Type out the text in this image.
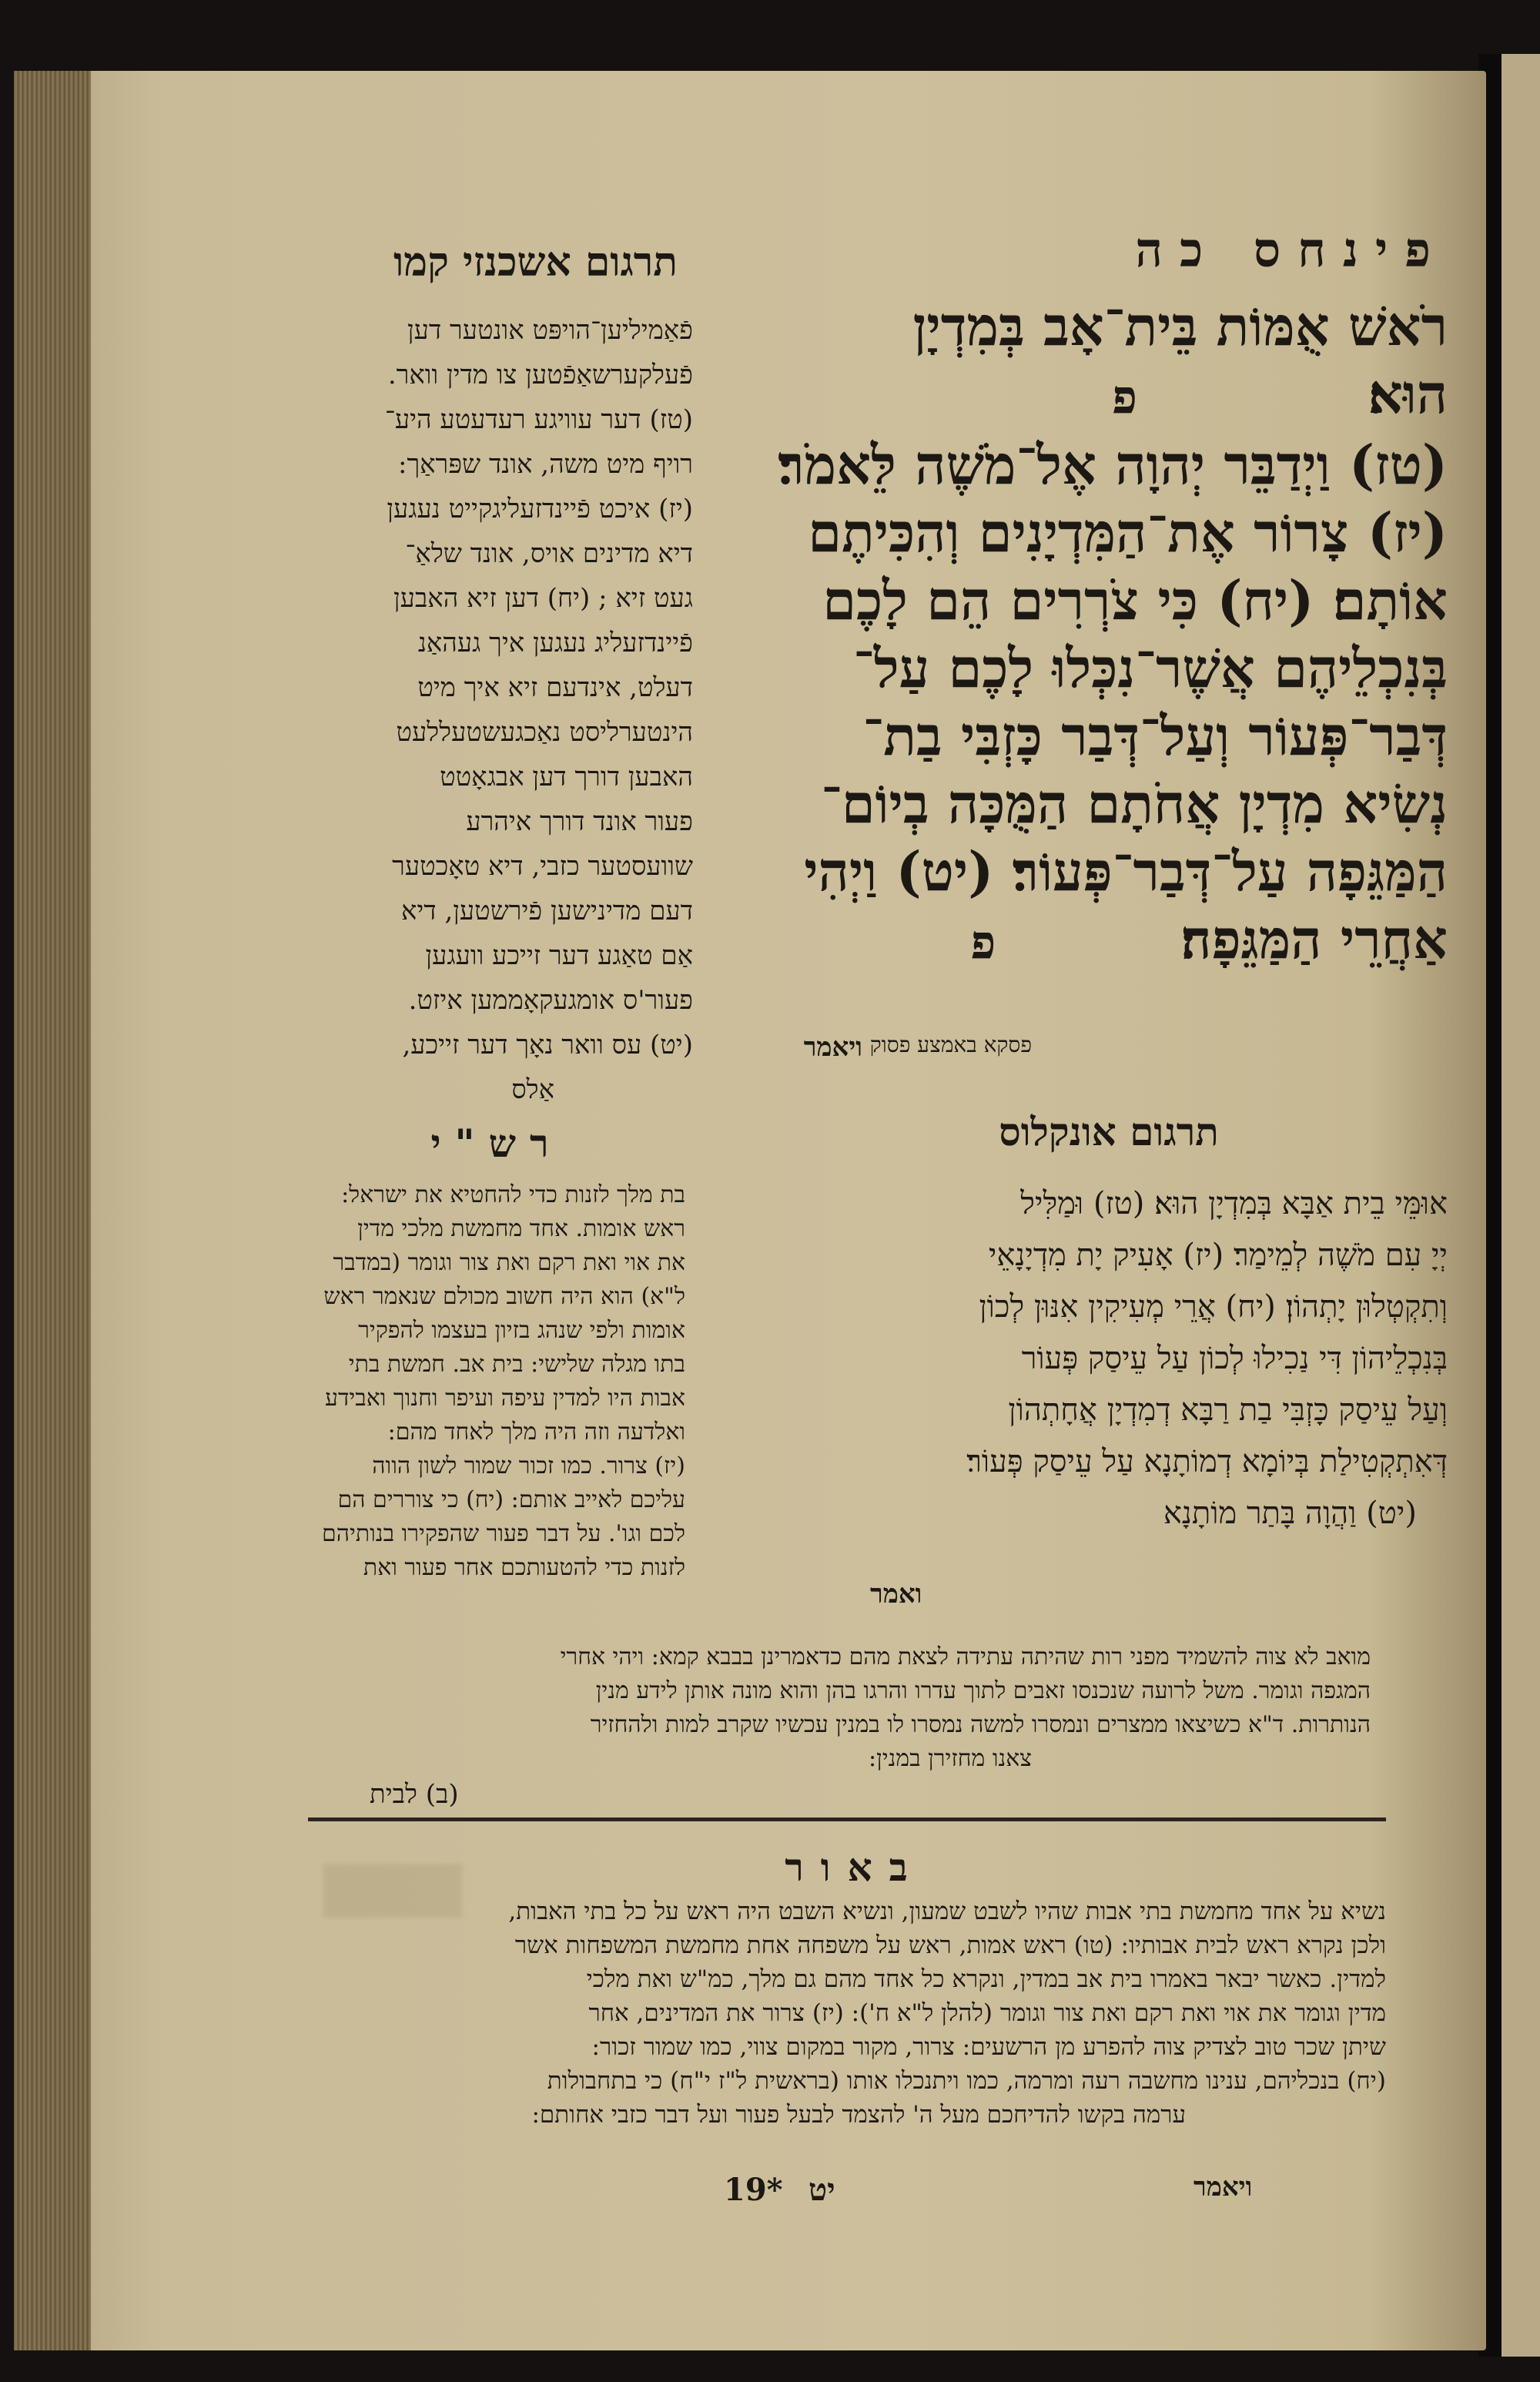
פינחס כה
תרגום אשכנזי קמו
רֹאשׁ אֻמּוֹת בֵּית־אָב בְּמִדְיָן
הוּא׃פ
(טז) וַיְדַבֵּר יְהוָה אֶל־מֹשֶׁה לֵּאמֹר׃
(יז) צָרוֹר אֶת־הַמִּדְיָנִים וְהִכִּיתֶם
אוֹתָם׃ (יח) כִּי צֹרְרִים הֵם לָכֶם
בְּנִכְלֵיהֶם אֲשֶׁר־נִכְּלוּ לָכֶם עַל־
דְּבַר־פְּעוֹר וְעַל־דְּבַר כָּזְבִּי בַת־
נְשִׂיא מִדְיָן אֲחֹתָם הַמֻּכָּה בְיוֹם־
הַמַּגֵּפָה עַל־דְּבַר־פְּעוֹר׃ (יט) וַיְהִי
אַחֲרֵי הַמַּגֵּפָה׃פ
פסקא באמצע פסוק
ויאמר
פֿאַמיליען־הויפּט אונטער דען
פֿעלקערשאַפֿטען צו מדין וואר.
(טז) דער עוויגע רעדעטע היע־
רויף מיט משה, אונד שפּראַך:
(יז) איכט פֿיינדזעליגקייט נעגען
דיא מדינים אויס, אונד שלאַ־
געט זיא ; (יח) דען זיא האבען
פֿיינדזעליג נעגען איך געהאַנ
דעלט, אינדעם זיא איך מיט
הינטערליסט נאַכגעשטעללעט
האבען דורך דען אבגאָטט
פעור אונד דורך איהרע
שוועסטער כזבי, דיא טאָכטער
דעם מדינישען פֿירשטען, דיא
אַם טאַגע דער זייכע וועגען
פעור'ס אומגעקאָממען איזט.
(יט) עס וואר נאָך דער זייכע,
אַלס
תרגום אונקלוס
אוּמֵּי בֵית אַבָּא בְּמִדְיָן הוּא׃ (טז) וּמַלִּיל
יְיָ עִם מֹשֶׁה לְמֵימַר׃ (יז) אָעִיק יָת מִדְיָנָאֵי
וְתִקְטְלוּן יָתְהוֹן׃ (יח) אֲרֵי מְעִיקִין אִנּוּן לְכוֹן
בְּנִכְלֵיהוֹן דִּי נַכִילוּ לְכוֹן עַל עֵיסַק פְּעוֹר
וְעַל עֵיסַק כָּזְבִּי בַת רַבָּא דְמִדְיָן אֲחָתְהוֹן
דְּאִתְקְטִילַת בְּיוֹמָא דְמוֹתָנָא עַל עֵיסַק פְּעוֹר׃
(יט) וַהֲוָה בָּתַר מוֹתָנָא
ואמר
רש"י
בת מלך לזנות כדי להחטיא את ישראל:
ראש אומות. אחד מחמשת מלכי מדין
את אוי ואת רקם ואת צור וגומר (במדבר
ל"א) הוא היה חשוב מכולם שנאמר ראש
אומות ולפי שנהג בזיון בעצמו להפקיר
בתו מגלה שלישי: בית אב. חמשת בתי
אבות היו למדין עיפה ועיפר וחנוך ואבידע
ואלדעה וזה היה מלך לאחד מהם:
(יז) צרור. כמו זכור שמור לשון הווה
עליכם לאייב אותם: (יח) כי צוררים הם
לכם וגו'. על דבר פעור שהפקירו בנותיהם
לזנות כדי להטעותכם אחר פעור ואת
מואב לא צוה להשמיד מפני רות שהיתה עתידה לצאת מהם כדאמרינן בבבא קמא: ויהי אחרי
המגפה וגומר. משל לרועה שנכנסו זאבים לתוך עדרו והרגו בהן והוא מונה אותן לידע מנין
הנותרות. ד"א כשיצאו ממצרים ונמסרו למשה נמסרו לו במנין עכשיו שקרב למות ולהחזיר
צאנו מחזירן במנין:
(ב) לבית
באור
נשיא על אחד מחמשת בתי אבות שהיו לשבט שמעון, ונשיא השבט היה ראש על כל בתי האבות,
ולכן נקרא ראש לבית אבותיו: (טו) ראש אמות, ראש על משפחה אחת מחמשת המשפחות אשר
למדין. כאשר יבאר באמרו בית אב במדין, ונקרא כל אחד מהם גם מלך, כמ"ש ואת מלכי
מדין וגומר את אוי ואת רקם ואת צור וגומר (להלן ל"א ח'): (יז) צרור את המדינים, אחר
שיתן שכר טוב לצדיק צוה להפרע מן הרשעים: צרור, מקור במקום צווי, כמו שמור זכור:
(יח) בנכליהם, ענינו מחשבה רעה ומרמה, כמו ויתנכלו אותו (בראשית ל"ז י"ח) כי בתחבולות
ערמה בקשו להדיחכם מעל ה' להצמד לבעל פעור ועל דבר כזבי אחותם:
19* יט	ויאמר
